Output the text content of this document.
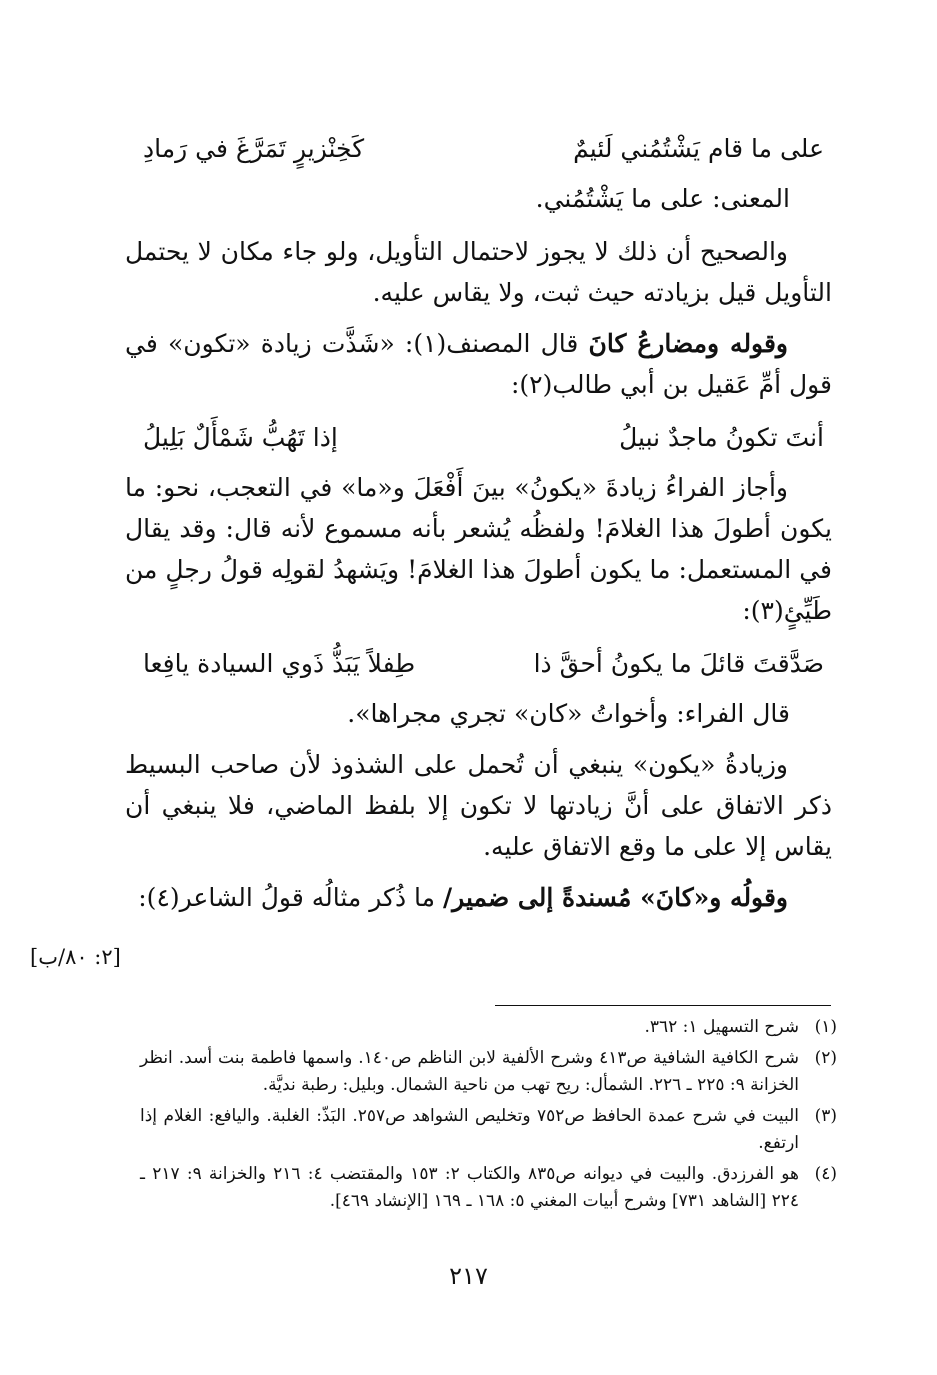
على ما قام يَشْتُمُني لَئيمٌ
كَخِنْزيرٍ تَمَرَّغَ في رَمادِ

المعنى: على ما يَشْتُمُني.

والصحيح أن ذلك لا يجوز لاحتمال التأويل، ولو جاء مكان لا يحتمل التأويل قيل بزيادته حيث ثبت، ولا يقاس عليه.

وقوله ومضارعُ كانَ قال المصنف(١): «شَذَّت زيادة «تكون» في قول أمِّ عَقيل بن أبي طالب(٢):

أنتَ تكونُ ماجدٌ نبيلُ
إذا تَهُبُّ شَمْأَلٌ بَلِيلُ

وأجاز الفراءُ زيادةَ «يكونُ» بينَ أَفْعَلَ و«ما» في التعجب، نحو: ما يكون أطولَ هذا الغلامَ! ولفظُه يُشعر بأنه مسموع لأنه قال: وقد يقال في المستعمل: ما يكون أطولَ هذا الغلامَ! ويَشهدُ لقولِه قولُ رجلٍ من طَيِّئٍ(٣):

صَدَّقتَ قائلَ ما يكونُ أحقَّ ذا
طِفلاً يَبَذُّ ذَوي السيادة يافِعا

قال الفراء: وأخواتُ «كان» تجري مجراها».

وزيادةُ «يكون» ينبغي أن تُحمل على الشذوذ لأن صاحب البسيط ذكر الاتفاق على أنَّ زيادتها لا تكون إلا بلفظ الماضي، فلا ينبغي أن يقاس إلا على ما وقع الاتفاق عليه.

وقولُه و«كانَ» مُسندةً إلى ضمير/ ما ذُكر مثالُه قولُ الشاعر(٤):

[٢: ٨٠/ب]
(١)
شرح التسهيل ١: ٣٦٢.
(٢)
شرح الكافية الشافية ص٤١٣ وشرح الألفية لابن الناظم ص١٤٠. واسمها فاطمة بنت أسد. انظر الخزانة ٩: ٢٢٥ ـ ٢٢٦. الشمأل: ريح تهب من ناحية الشمال. وبليل: رطبة نديَّة.
(٣)
البيت في شرح عمدة الحافظ ص٧٥٢ وتخليص الشواهد ص٢٥٧. البَذّ: الغلبة. واليافع: الغلام إذا ارتفع.
(٤)
هو الفرزدق. والبيت في ديوانه ص٨٣٥ والكتاب ٢: ١٥٣ والمقتضب ٤: ٢١٦ والخزانة ٩: ٢١٧ ـ ٢٢٤ [الشاهد ٧٣١] وشرح أبيات المغني ٥: ١٦٨ ـ ١٦٩ [الإنشاد ٤٦٩].
٢١٧
